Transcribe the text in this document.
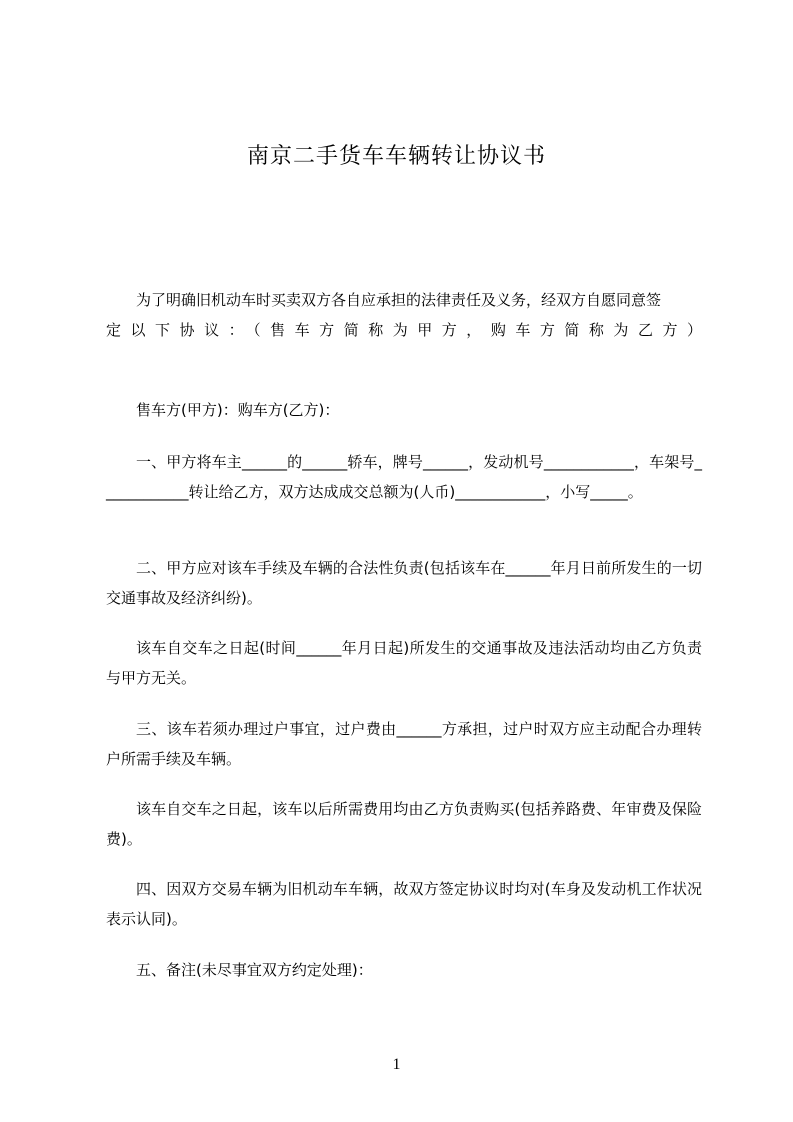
南京二手货车车辆转让协议书
为了明确旧机动车时买卖双方各自应承担的法律责任及义务，经双方自愿同意签
定以下协议：（售车方简称为甲方，购车方简称为乙方）
售车方(甲方)：购车方(乙方)：
一、甲方将车主______的______轿车，牌号______，发动机号____________，车架号____________转让给乙方，双方达成成交总额为(人币)____________，小写_____。
二、甲方应对该车手续及车辆的合法性负责(包括该车在______年月日前所发生的一切交通事故及经济纠纷)。
该车自交车之日起(时间______年月日起)所发生的交通事故及违法活动均由乙方负责与甲方无关。
三、该车若须办理过户事宜，过户费由______方承担，过户时双方应主动配合办理转户所需手续及车辆。
该车自交车之日起，该车以后所需费用均由乙方负责购买(包括养路费、年审费及保险费)。
四、因双方交易车辆为旧机动车车辆，故双方签定协议时均对(车身及发动机工作状况表示认同)。
五、备注(未尽事宜双方约定处理)：
1
